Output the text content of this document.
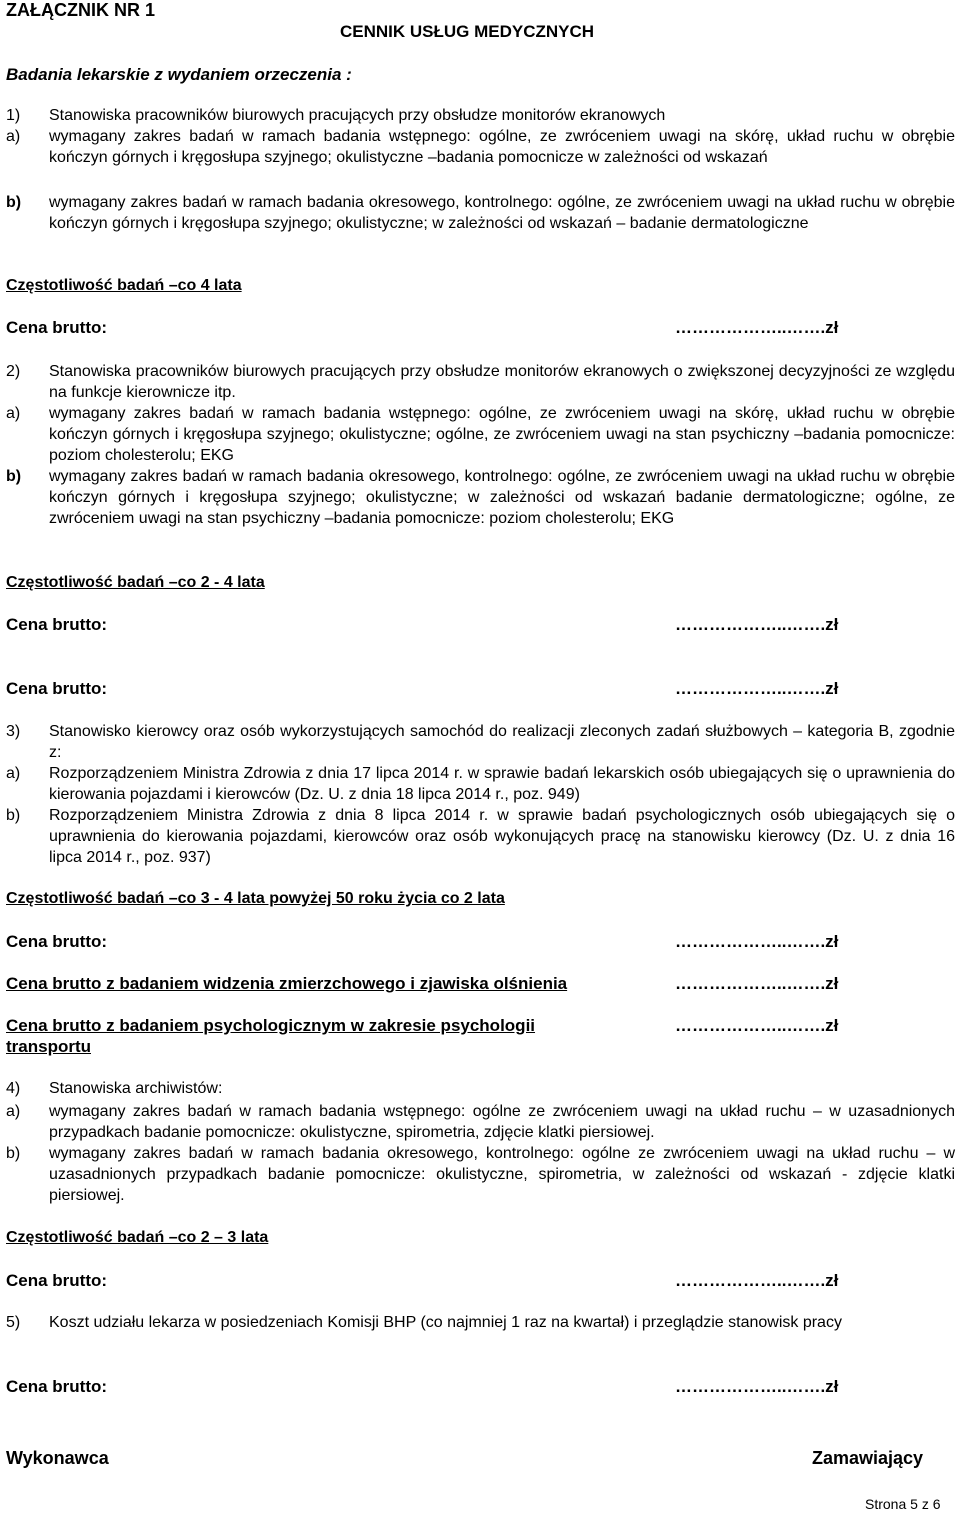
ZAŁĄCZNIK NR 1
CENNIK USŁUG MEDYCZNYCH
Badania lekarskie z wydaniem orzeczenia :
1) Stanowiska pracowników biurowych pracujących przy obsłudze monitorów ekranowych
a) wymagany zakres badań w ramach badania wstępnego: ogólne, ze zwróceniem uwagi na skórę, układ ruchu w obrębie kończyn górnych i kręgosłupa szyjnego; okulistyczne –badania pomocnicze w zależności od wskazań
b) wymagany zakres badań w ramach badania okresowego, kontrolnego: ogólne, ze zwróceniem uwagi na układ ruchu w obrębie kończyn górnych i kręgosłupa szyjnego; okulistyczne; w zależności od wskazań – badanie dermatologiczne
Częstotliwość badań –co 4 lata
Cena brutto:	………………..…….zł
2) Stanowiska pracowników biurowych pracujących przy obsłudze monitorów ekranowych o zwiększonej decyzyjności ze względu na funkcje kierownicze itp.
a) wymagany zakres badań w ramach badania wstępnego: ogólne, ze zwróceniem uwagi na skórę, układ ruchu w obrębie kończyn górnych i kręgosłupa szyjnego; okulistyczne; ogólne, ze zwróceniem uwagi na stan psychiczny –badania pomocnicze: poziom cholesterolu; EKG
b) wymagany zakres badań w ramach badania okresowego, kontrolnego: ogólne, ze zwróceniem uwagi na układ ruchu w obrębie kończyn górnych i kręgosłupa szyjnego; okulistyczne; w zależności od wskazań badanie dermatologiczne; ogólne, ze zwróceniem uwagi na stan psychiczny –badania pomocnicze: poziom cholesterolu; EKG
Częstotliwość badań –co 2 - 4 lata
Cena brutto:	………………..…….zł
Cena brutto:	………………..…….zł
3) Stanowisko kierowcy oraz osób wykorzystujących samochód do realizacji zleconych zadań służbowych – kategoria B, zgodnie z:
a) Rozporządzeniem Ministra Zdrowia z dnia 17 lipca 2014 r. w sprawie badań lekarskich osób ubiegających się o uprawnienia do kierowania pojazdami i kierowców (Dz. U. z dnia 18 lipca 2014 r., poz. 949)
b) Rozporządzeniem Ministra Zdrowia z dnia 8 lipca 2014 r. w sprawie badań psychologicznych osób ubiegających się o uprawnienia do kierowania pojazdami, kierowców oraz osób wykonujących pracę na stanowisku kierowcy (Dz. U. z dnia 16 lipca 2014 r., poz. 937)
Częstotliwość badań –co 3 - 4 lata powyżej 50 roku życia co 2 lata
Cena brutto:	………………..…….zł
Cena brutto z badaniem widzenia zmierzchowego i zjawiska olśnienia	………………..…….zł
Cena brutto z badaniem psychologicznym w zakresie psychologii transportu
………………..…….zł
4) Stanowiska archiwistów:
a) wymagany zakres badań w ramach badania wstępnego: ogólne ze zwróceniem uwagi na układ ruchu – w uzasadnionych przypadkach badanie pomocnicze: okulistyczne, spirometria, zdjęcie klatki piersiowej.
b) wymagany zakres badań w ramach badania okresowego, kontrolnego: ogólne ze zwróceniem uwagi na układ ruchu – w uzasadnionych przypadkach badanie pomocnicze: okulistyczne, spirometria, w zależności od wskazań - zdjęcie klatki piersiowej.
Częstotliwość badań –co 2 – 3 lata
Cena brutto:	………………..…….zł
5) Koszt udziału lekarza w posiedzeniach Komisji BHP (co najmniej 1 raz na kwartał) i przeglądzie stanowisk pracy
Cena brutto:	………………..…….zł
Wykonawca	Zamawiający
Strona 5 z 6
